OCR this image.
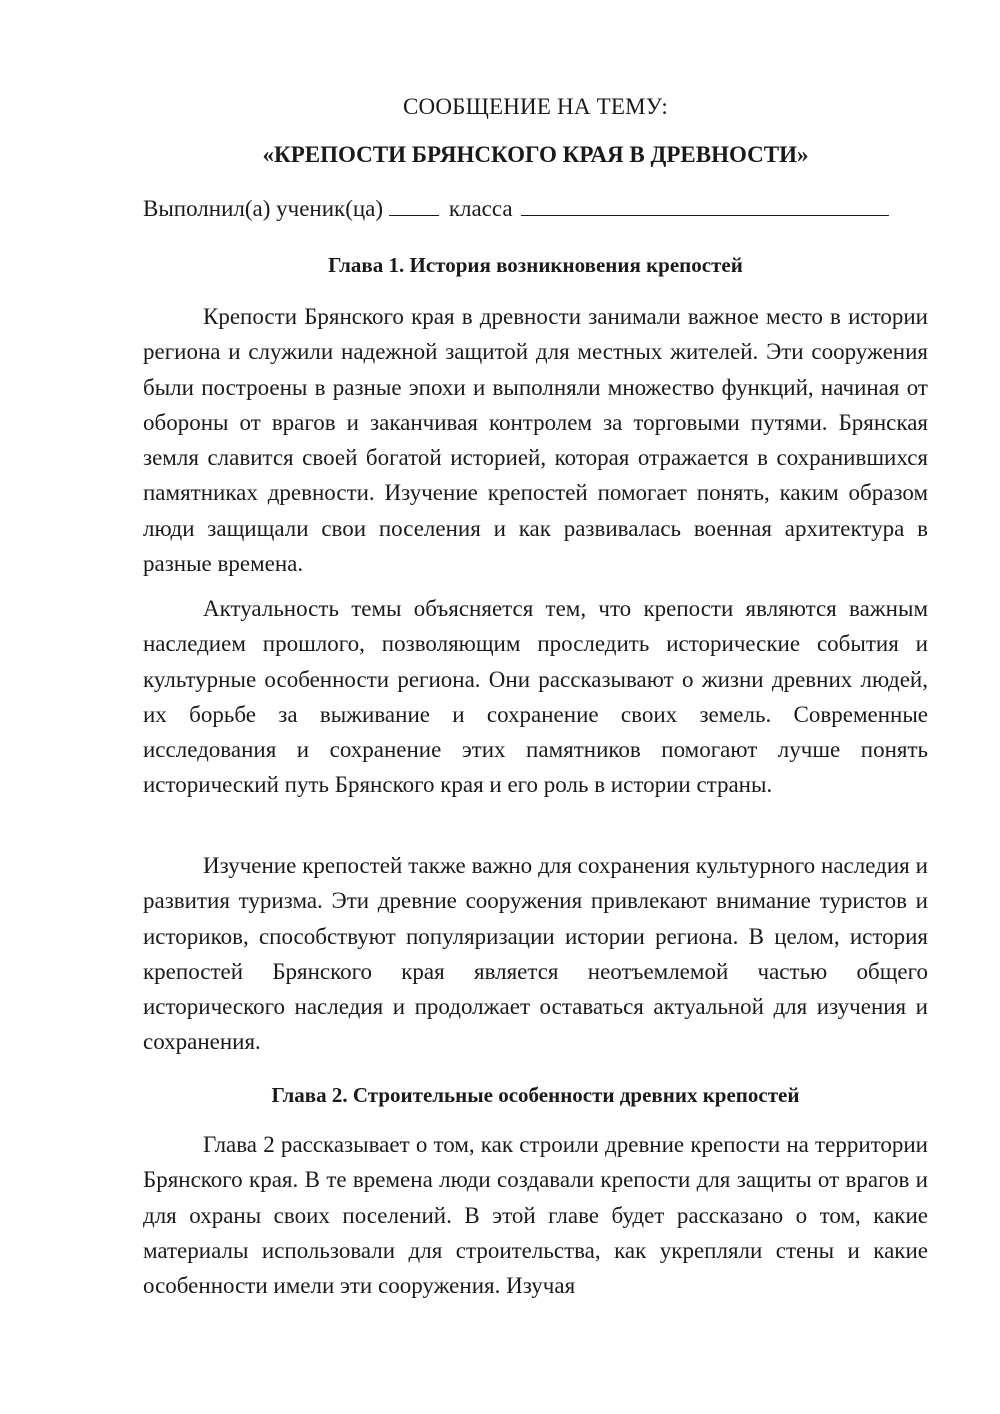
СООБЩЕНИЕ НА ТЕМУ:
«КРЕПОСТИ БРЯНСКОГО КРАЯ В ДРЕВНОСТИ»
Выполнил(а) ученик(ца)	класса
Глава 1. История возникновения крепостей

Крепости Брянского края в древности занимали важное место в истории региона и служили надежной защитой для местных жителей. Эти сооружения были построены в разные эпохи и выполняли множество функций, начиная от обороны от врагов и заканчивая контролем за торговыми путями. Брянская земля славится своей богатой историей, которая отражается в сохранившихся памятниках древности. Изучение крепостей помогает понять, каким образом люди защищали свои поселения и как развивалась военная архитектура в разные времена.

Актуальность темы объясняется тем, что крепости являются важным наследием прошлого, позволяющим проследить исторические события и культурные особенности региона. Они рассказывают о жизни древних людей, их борьбе за выживание и сохранение своих земель. Современные исследования и сохранение этих памятников помогают лучше понять исторический путь Брянского края и его роль в истории страны.

Изучение крепостей также важно для сохранения культурного наследия и развития туризма. Эти древние сооружения привлекают внимание туристов и историков, способствуют популяризации истории региона. В целом, история крепостей Брянского края является неотъемлемой частью общего исторического наследия и продолжает оставаться актуальной для изучения и сохранения.

Глава 2. Строительные особенности древних крепостей

Глава 2 рассказывает о том, как строили древние крепости на территории Брянского края. В те времена люди создавали крепости для защиты от врагов и для охраны своих поселений. В этой главе будет рассказано о том, какие материалы использовали для строительства, как укрепляли стены и какие особенности имели эти сооружения. Изучая
